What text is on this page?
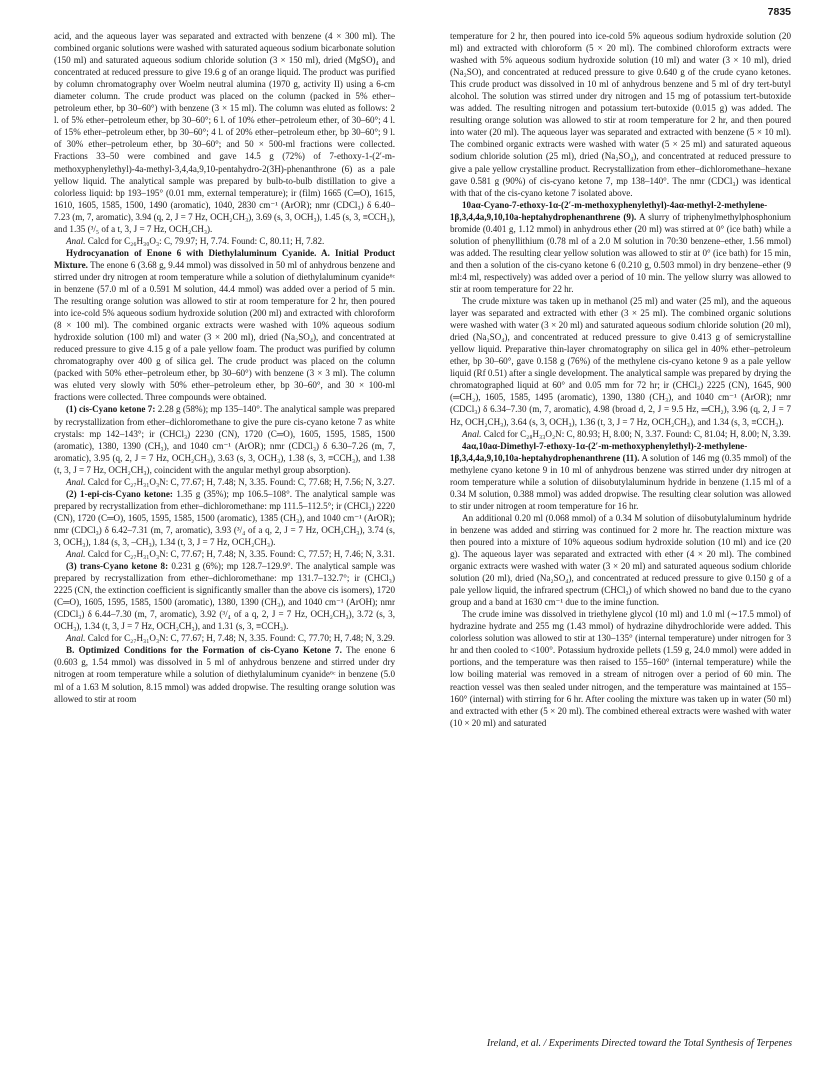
7835

acid, and the aqueous layer was separated and extracted with benzene (4 × 300 ml). The combined organic solutions were washed with saturated aqueous sodium bicarbonate solution (150 ml) and saturated aqueous sodium chloride solution (3 × 150 ml), dried (MgSO)₄ and concentrated at reduced pressure to give 19.6 g of an orange liquid. The product was purified by column chromatography over Woelm neutral alumina (1970 g, activity II) using a 6-cm diameter column. The crude product was placed on the column (packed in 5% ether–petroleum ether, bp 30–60°) with benzene (3 × 15 ml). The column was eluted as follows: 2 l. of 5% ether–petroleum ether, bp 30–60°; 6 l. of 10% ether–petroleum ether, of 30–60°; 4 l. of 15% ether–petroleum ether, bp 30–60°; 4 l. of 20% ether–petroleum ether, bp 30–60°; 9 l. of 30% ether–petroleum ether, bp 30–60°; and 50 × 500-ml fractions were collected. Fractions 33–50 were combined and gave 14.5 g (72%) of 7-ethoxy-1-(2′-m-methoxyphenylethyl)-4a-methyl-3,4,4a,9,10-pentahydro-2(3H)-phenanthrone (6) as a pale yellow liquid. The analytical sample was prepared by bulb-to-bulb distillation to give a colorless liquid: bp 193–195° (0.01 mm, external temperature); ir (film) 1665 (C═O), 1615, 1610, 1605, 1585, 1500, 1490 (aromatic), 1040, 2830 cm⁻¹ (ArOR); nmr (CDCl₃) δ 6.40–7.23 (m, 7, aromatic), 3.94 (q, 2, J = 7 Hz, OCH₂CH₃), 3.69 (s, 3, OCH₃), 1.45 (s, 3, ≡CCH₃), and 1.35 (³/₅ of a t, 3, J = 7 Hz, OCH₂CH₃).

Anal. Calcd for C₂₆H₃₀O₃: C, 79.97; H, 7.74. Found: C, 80.11; H, 7.82.

Hydrocyanation of Enone 6 with Diethylaluminum Cyanide. A. Initial Product Mixture. The enone 6 (3.68 g, 9.44 mmol) was dissolved in 50 ml of anhydrous benzene and stirred under dry nitrogen at room temperature while a solution of diethylaluminum cyanide⁶ᶜ in benzene (57.0 ml of a 0.591 M solution, 44.4 mmol) was added over a period of 5 min. The resulting orange solution was allowed to stir at room temperature for 2 hr, then poured into ice-cold 5% aqueous sodium hydroxide solution (200 ml) and extracted with chloroform (8 × 100 ml). The combined organic extracts were washed with 10% aqueous sodium hydroxide solution (100 ml) and water (3 × 200 ml), dried (Na₂SO₄), and concentrated at reduced pressure to give 4.15 g of a pale yellow foam. The product was purified by column chromatography over 400 g of silica gel. The crude product was placed on the column (packed with 50% ether–petroleum ether, bp 30–60°) with benzene (3 × 3 ml). The column was eluted very slowly with 50% ether–petroleum ether, bp 30–60°, and 30 × 100-ml fractions were collected. Three compounds were obtained.

(1) cis-Cyano ketone 7: 2.28 g (58%); mp 135–140°. The analytical sample was prepared by recrystallization from ether–dichloromethane to give the pure cis-cyano ketone 7 as white crystals: mp 142–143°; ir (CHCl₃) 2230 (CN), 1720 (C═O), 1605, 1595, 1585, 1500 (aromatic), 1380, 1390 (CH₃), and 1040 cm⁻¹ (ArOR); nmr (CDCl₃) δ 6.30–7.26 (m, 7, aromatic), 3.95 (q, 2, J = 7 Hz, OCH₂CH₃), 3.63 (s, 3, OCH₃), 1.38 (s, 3, ≡CCH₃), and 1.38 (t, 3, J = 7 Hz, OCH₂CH₃), coincident with the angular methyl group absorption).

Anal. Calcd for C₂₇H₃₁O₃N: C, 77.67; H, 7.48; N, 3.35. Found: C, 77.68; H, 7.56; N, 3.27.

(2) 1-epi-cis-Cyano ketone: 1.35 g (35%); mp 106.5–108°. The analytical sample was prepared by recrystallization from ether–dichloromethane: mp 111.5–112.5°; ir (CHCl₃) 2220 (CN), 1720 (C═O), 1605, 1595, 1585, 1500 (aromatic), 1385 (CH₃), and 1040 cm⁻¹ (ArOR); nmr (CDCl₃) δ 6.42–7.31 (m, 7, aromatic), 3.93 (³/₄ of a q, 2, J = 7 Hz, OCH₂CH₃), 3.74 (s, 3, OCH₃), 1.84 (s, 3, –CH₃), 1.34 (t, 3, J = 7 Hz, OCH₂CH₃).

Anal. Calcd for C₂₇H₃₁O₃N: C, 77.67; H, 7.48; N, 3.35. Found: C, 77.57; H, 7.46; N, 3.31.

(3) trans-Cyano ketone 8: 0.231 g (6%); mp 128.7–129.9°. The analytical sample was prepared by recrystallization from ether–dichloromethane: mp 131.7–132.7°; ir (CHCl₃) 2225 (CN, the extinction coefficient is significantly smaller than the above cis isomers), 1720 (C═O), 1605, 1595, 1585, 1500 (aromatic), 1380, 1390 (CH₃), and 1040 cm⁻¹ (ArOH); nmr (CDCl₃) δ 6.44–7.30 (m, 7, aromatic), 3.92 (³/₄ of a q, 2, J = 7 Hz, OCH₂CH₃), 3.72 (s, 3, OCH₃), 1.34 (t, 3, J = 7 Hz, OCH₂CH₃), and 1.31 (s, 3, ≡CCH₃).

Anal. Calcd for C₂₇H₃₁O₃N: C, 77.67; H, 7.48; N, 3.35. Found: C, 77.70; H, 7.48; N, 3.29.

B. Optimized Conditions for the Formation of cis-Cyano Ketone 7. The enone 6 (0.603 g, 1.54 mmol) was dissolved in 5 ml of anhydrous benzene and stirred under dry nitrogen at room temperature while a solution of diethylaluminum cyanide⁶ᶜ in benzene (5.0 ml of a 1.63 M solution, 8.15 mmol) was added dropwise. The resulting orange solution was allowed to stir at room

temperature for 2 hr, then poured into ice-cold 5% aqueous sodium hydroxide solution (20 ml) and extracted with chloroform (5 × 20 ml). The combined chloroform extracts were washed with 5% aqueous sodium hydroxide solution (10 ml) and water (3 × 10 ml), dried (Na₂SO), and concentrated at reduced pressure to give 0.640 g of the crude cyano ketones. This crude product was dissolved in 10 ml of anhydrous benzene and 5 ml of dry tert-butyl alcohol. The solution was stirred under dry nitrogen and 15 mg of potassium tert-butoxide was added. The resulting nitrogen and potassium tert-butoxide (0.015 g) was added. The resulting orange solution was allowed to stir at room temperature for 2 hr, and then poured into water (20 ml). The aqueous layer was separated and extracted with benzene (5 × 10 ml). The combined organic extracts were washed with water (5 × 25 ml) and saturated aqueous sodium chloride solution (25 ml), dried (Na₂SO₄), and concentrated at reduced pressure to give a pale yellow crystalline product. Recrystallization from ether–dichloromethane–hexane gave 0.581 g (90%) of cis-cyano ketone 7, mp 138–140°. The nmr (CDCl₃) was identical with that of the cis-cyano ketone 7 isolated above.

10aα-Cyano-7-ethoxy-1α-(2′-m-methoxyphenylethyl)-4aα-methyl-2-methylene-1β,3,4,4a,9,10,10a-heptahydrophenanthrene (9). A slurry of triphenylmethylphosphonium bromide (0.401 g, 1.12 mmol) in anhydrous ether (20 ml) was stirred at 0° (ice bath) while a solution of phenyllithium (0.78 ml of a 2.0 M solution in 70:30 benzene–ether, 1.56 mmol) was added. The resulting clear yellow solution was allowed to stir at 0° (ice bath) for 15 min, and then a solution of the cis-cyano ketone 6 (0.210 g, 0.503 mmol) in dry benzene–ether (9 ml:4 ml, respectively) was added over a period of 10 min. The yellow slurry was allowed to stir at room temperature for 22 hr.

The crude mixture was taken up in methanol (25 ml) and water (25 ml), and the aqueous layer was separated and extracted with ether (3 × 25 ml). The combined organic solutions were washed with water (3 × 20 ml) and saturated aqueous sodium chloride solution (20 ml), dried (Na₂SO₄), and concentrated at reduced pressure to give 0.413 g of semicrystalline yellow liquid. Preparative thin-layer chromatography on silica gel in 40% ether–petroleum ether, bp 30–60°, gave 0.158 g (76%) of the methylene cis-cyano ketone 9 as a pale yellow liquid (Rf 0.51) after a single development. The analytical sample was prepared by drying the chromatographed liquid at 60° and 0.05 mm for 72 hr; ir (CHCl₃) 2225 (CN), 1645, 900 (═CH₂), 1605, 1585, 1495 (aromatic), 1390, 1380 (CH₃), and 1040 cm⁻¹ (ArOR); nmr (CDCl₃) δ 6.34–7.30 (m, 7, aromatic), 4.98 (broad d, 2, J = 9.5 Hz, ═CH₂), 3.96 (q, 2, J = 7 Hz, OCH₂CH₃), 3.64 (s, 3, OCH₃), 1.36 (t, 3, J = 7 Hz, OCH₂CH₃), and 1.34 (s, 3, ≡CCH₃).

Anal. Calcd for C₂₈H₃₃O₂N: C, 80.93; H, 8.00; N, 3.37. Found: C, 81.04; H, 8.00; N, 3.39.

4aα,10aα-Dimethyl-7-ethoxy-1α-(2′-m-methoxyphenylethyl)-2-methylene-1β,3,4,4a,9,10,10a-heptahydrophenanthrene (11). A solution of 146 mg (0.35 mmol) of the methylene cyano ketone 9 in 10 ml of anhydrous benzene was stirred under dry nitrogen at room temperature while a solution of diisobutylaluminum hydride in benzene (1.15 ml of a 0.34 M solution, 0.388 mmol) was added dropwise. The resulting clear solution was allowed to stir under nitrogen at room temperature for 16 hr.

An additional 0.20 ml (0.068 mmol) of a 0.34 M solution of diisobutylaluminum hydride in benzene was added and stirring was continued for 2 more hr. The reaction mixture was then poured into a mixture of 10% aqueous sodium hydroxide solution (10 ml) and ice (20 g). The aqueous layer was separated and extracted with ether (4 × 20 ml). The combined organic extracts were washed with water (3 × 20 ml) and saturated aqueous sodium chloride solution (20 ml), dried (Na₂SO₄), and concentrated at reduced pressure to give 0.150 g of a pale yellow liquid, the infrared spectrum (CHCl₃) of which showed no band due to the cyano group and a band at 1630 cm⁻¹ due to the imine function.

The crude imine was dissolved in triethylene glycol (10 ml) and 1.0 ml (∼17.5 mmol) of hydrazine hydrate and 255 mg (1.43 mmol) of hydrazine dihydrochloride were added. This colorless solution was allowed to stir at 130–135° (internal temperature) under nitrogen for 3 hr and then cooled to <100°. Potassium hydroxide pellets (1.59 g, 24.0 mmol) were added in portions, and the temperature was then raised to 155–160° (internal temperature) while the low boiling material was removed in a stream of nitrogen over a period of 60 min. The reaction vessel was then sealed under nitrogen, and the temperature was maintained at 155–160° (internal) with stirring for 6 hr. After cooling the mixture was taken up in water (50 ml) and extracted with ether (5 × 20 ml). The combined ethereal extracts were washed with water (10 × 20 ml) and saturated

Ireland, et al. / Experiments Directed toward the Total Synthesis of Terpenes
